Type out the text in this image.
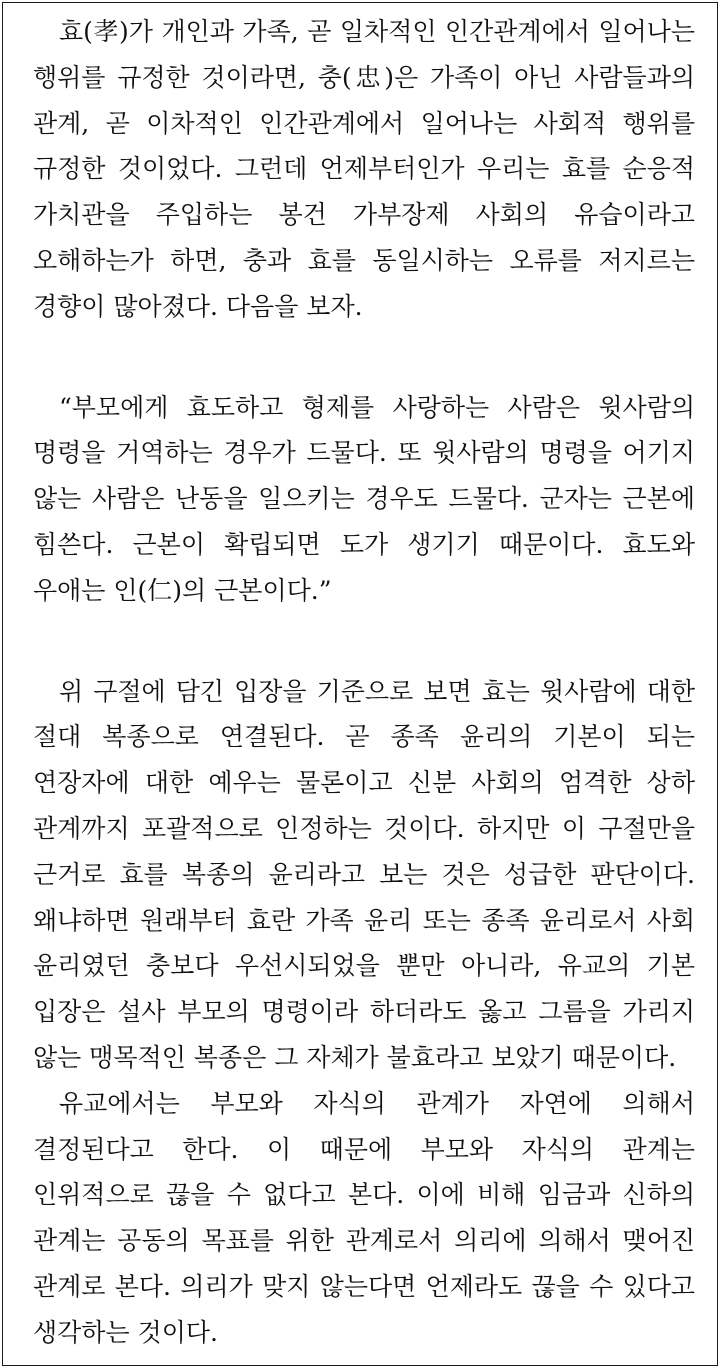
효(孝)가 개인과 가족, 곧 일차적인 인간관계에서 일어나는 행위를 규정한 것이라면, 충(忠)은 가족이 아닌 사람들과의 관계, 곧 이차적인 인간관계에서 일어나는 사회적 행위를 규정한 것이었다. 그런데 언제부터인가 우리는 효를 순응적 가치관을 주입하는 봉건 가부장제 사회의 유습이라고 오해하는가 하면, 충과 효를 동일시하는 오류를 저지르는 경향이 많아졌다. 다음을 보자.

“부모에게 효도하고 형제를 사랑하는 사람은 윗사람의 명령을 거역하는 경우가 드물다. 또 윗사람의 명령을 어기지 않는 사람은 난동을 일으키는 경우도 드물다. 군자는 근본에 힘쓴다. 근본이 확립되면 도가 생기기 때문이다. 효도와 우애는 인(仁)의 근본이다.”

위 구절에 담긴 입장을 기준으로 보면 효는 윗사람에 대한 절대 복종으로 연결된다. 곧 종족 윤리의 기본이 되는 연장자에 대한 예우는 물론이고 신분 사회의 엄격한 상하 관계까지 포괄적으로 인정하는 것이다. 하지만 이 구절만을 근거로 효를 복종의 윤리라고 보는 것은 성급한 판단이다. 왜냐하면 원래부터 효란 가족 윤리 또는 종족 윤리로서 사회 윤리였던 충보다 우선시되었을 뿐만 아니라, 유교의 기본 입장은 설사 부모의 명령이라 하더라도 옳고 그름을 가리지 않는 맹목적인 복종은 그 자체가 불효라고 보았기 때문이다.

유교에서는 부모와 자식의 관계가 자연에 의해서 결정된다고 한다. 이 때문에 부모와 자식의 관계는 인위적으로 끊을 수 없다고 본다. 이에 비해 임금과 신하의 관계는 공동의 목표를 위한 관계로서 의리에 의해서 맺어진 관계로 본다. 의리가 맞지 않는다면 언제라도 끊을 수 있다고 생각하는 것이다.
